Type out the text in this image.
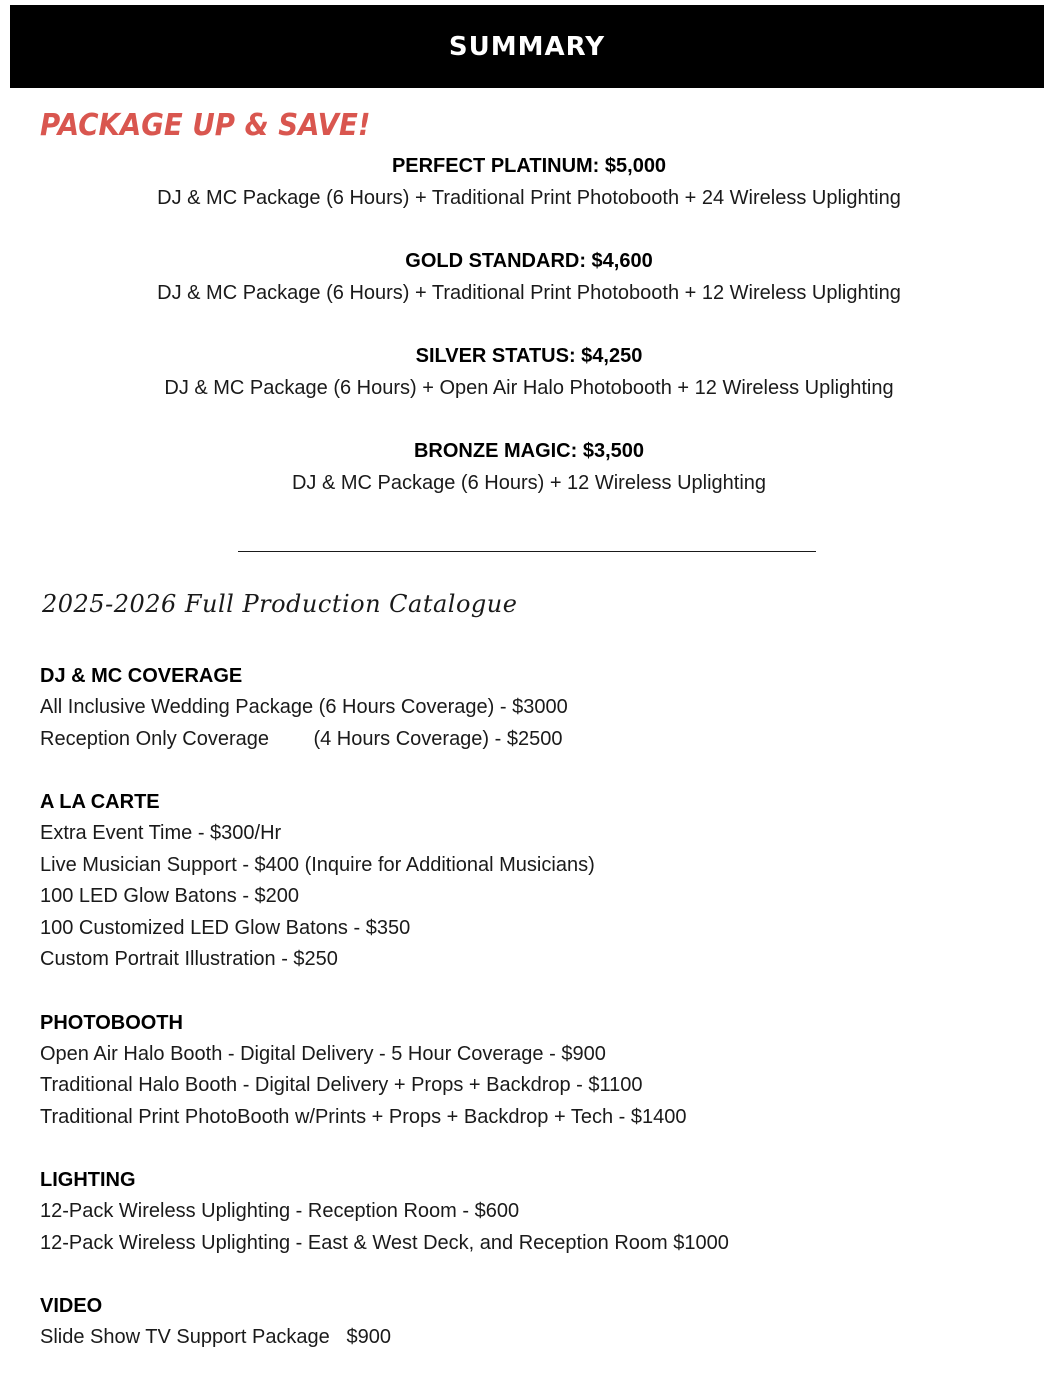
SUMMARY
PACKAGE UP & SAVE!
PERFECT PLATINUM: $5,000
DJ & MC Package (6 Hours) + Traditional Print Photobooth + 24 Wireless Uplighting
GOLD STANDARD: $4,600
DJ & MC Package (6 Hours) + Traditional Print Photobooth + 12 Wireless Uplighting
SILVER STATUS: $4,250
DJ & MC Package (6 Hours) + Open Air Halo Photobooth + 12 Wireless Uplighting
BRONZE MAGIC: $3,500
DJ & MC Package (6 Hours) + 12 Wireless Uplighting
2025-2026 Full Production Catalogue
DJ & MC COVERAGE
All Inclusive Wedding Package (6 Hours Coverage) - $3000
Reception Only Coverage        (4 Hours Coverage) - $2500
A LA CARTE
Extra Event Time - $300/Hr
Live Musician Support - $400 (Inquire for Additional Musicians)
100 LED Glow Batons - $200
100 Customized LED Glow Batons - $350
Custom Portrait Illustration - $250
PHOTOBOOTH
Open Air Halo Booth - Digital Delivery - 5 Hour Coverage - $900
Traditional Halo Booth - Digital Delivery + Props + Backdrop - $1100
Traditional Print PhotoBooth w/Prints + Props + Backdrop + Tech - $1400
LIGHTING
12-Pack Wireless Uplighting - Reception Room - $600
12-Pack Wireless Uplighting - East & West Deck, and Reception Room $1000
VIDEO
Slide Show TV Support Package   $900
